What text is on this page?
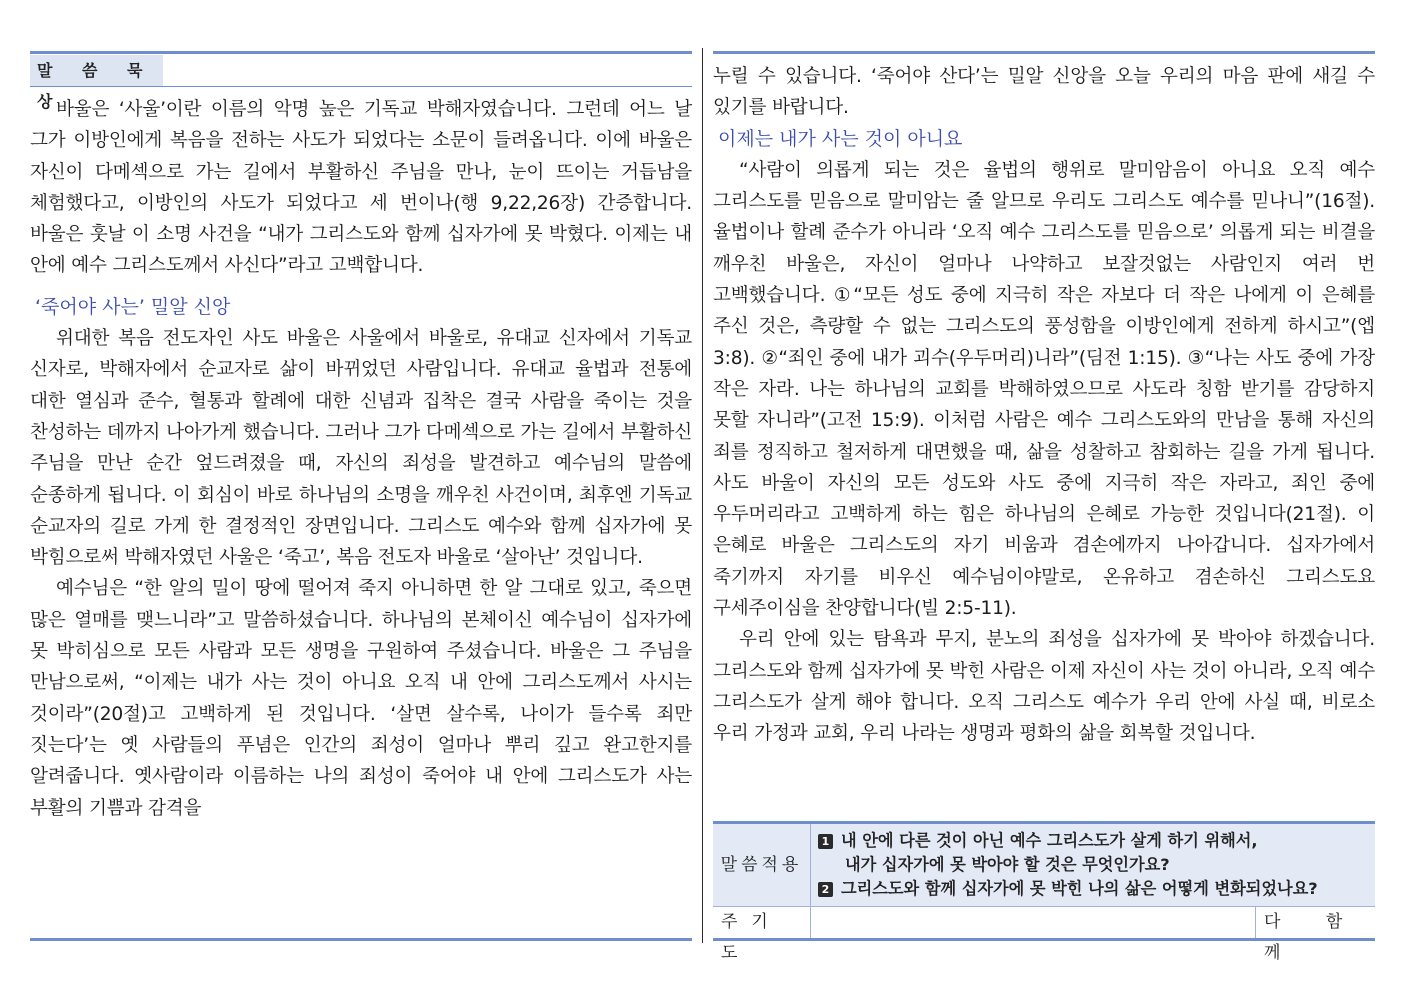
말 씀 묵 상

바울은 ‘사울’이란 이름의 악명 높은 기독교 박해자였습니다. 그런데 어느 날 그가 이방인에게 복음을 전하는 사도가 되었다는 소문이 들려옵니다. 이에 바울은 자신이 다메섹으로 가는 길에서 부활하신 주님을 만나, 눈이 뜨이는 거듭남을 체험했다고, 이방인의 사도가 되었다고 세 번이나(행 9,22,26장) 간증합니다. 바울은 훗날 이 소명 사건을 “내가 그리스도와 함께 십자가에 못 박혔다. 이제는 내 안에 예수 그리스도께서 사신다”라고 고백합니다.

‘죽어야 사는’ 밀알 신앙

위대한 복음 전도자인 사도 바울은 사울에서 바울로, 유대교 신자에서 기독교 신자로, 박해자에서 순교자로 삶이 바뀌었던 사람입니다. 유대교 율법과 전통에 대한 열심과 준수, 혈통과 할례에 대한 신념과 집착은 결국 사람을 죽이는 것을 찬성하는 데까지 나아가게 했습니다. 그러나 그가 다메섹으로 가는 길에서 부활하신 주님을 만난 순간 엎드려졌을 때, 자신의 죄성을 발견하고 예수님의 말씀에 순종하게 됩니다. 이 회심이 바로 하나님의 소명을 깨우친 사건이며, 최후엔 기독교 순교자의 길로 가게 한 결정적인 장면입니다. 그리스도 예수와 함께 십자가에 못 박힘으로써 박해자였던 사울은 ‘죽고’, 복음 전도자 바울로 ‘살아난’ 것입니다.

예수님은 “한 알의 밀이 땅에 떨어져 죽지 아니하면 한 알 그대로 있고, 죽으면 많은 열매를 맺느니라”고 말씀하셨습니다. 하나님의 본체이신 예수님이 십자가에 못 박히심으로 모든 사람과 모든 생명을 구원하여 주셨습니다. 바울은 그 주님을 만남으로써, “이제는 내가 사는 것이 아니요 오직 내 안에 그리스도께서 사시는 것이라”(20절)고 고백하게 된 것입니다. ‘살면 살수록, 나이가 들수록 죄만 짓는다’는 옛 사람들의 푸념은 인간의 죄성이 얼마나 뿌리 깊고 완고한지를 알려줍니다. 옛사람이라 이름하는 나의 죄성이 죽어야 내 안에 그리스도가 사는 부활의 기쁨과 감격을

누릴 수 있습니다. ‘죽어야 산다’는 밀알 신앙을 오늘 우리의 마음 판에 새길 수 있기를 바랍니다.

이제는 내가 사는 것이 아니요

“사람이 의롭게 되는 것은 율법의 행위로 말미암음이 아니요 오직 예수 그리스도를 믿음으로 말미암는 줄 알므로 우리도 그리스도 예수를 믿나니”(16절). 율법이나 할례 준수가 아니라 ‘오직 예수 그리스도를 믿음으로’ 의롭게 되는 비결을 깨우친 바울은, 자신이 얼마나 나약하고 보잘것없는 사람인지 여러 번 고백했습니다. ①“모든 성도 중에 지극히 작은 자보다 더 작은 나에게 이 은혜를 주신 것은, 측량할 수 없는 그리스도의 풍성함을 이방인에게 전하게 하시고”(엡 3:8). ②“죄인 중에 내가 괴수(우두머리)니라”(딤전 1:15). ③“나는 사도 중에 가장 작은 자라. 나는 하나님의 교회를 박해하였으므로 사도라 칭함 받기를 감당하지 못할 자니라”(고전 15:9). 이처럼 사람은 예수 그리스도와의 만남을 통해 자신의 죄를 정직하고 철저하게 대면했을 때, 삶을 성찰하고 참회하는 길을 가게 됩니다. 사도 바울이 자신의 모든 성도와 사도 중에 지극히 작은 자라고, 죄인 중에 우두머리라고 고백하게 하는 힘은 하나님의 은혜로 가능한 것입니다(21절). 이 은혜로 바울은 그리스도의 자기 비움과 겸손에까지 나아갑니다. 십자가에서 죽기까지 자기를 비우신 예수님이야말로, 온유하고 겸손하신 그리스도요 구세주이심을 찬양합니다(빌 2:5-11).

우리 안에 있는 탐욕과 무지, 분노의 죄성을 십자가에 못 박아야 하겠습니다. 그리스도와 함께 십자가에 못 박힌 사람은 이제 자신이 사는 것이 아니라, 오직 예수 그리스도가 살게 해야 합니다. 오직 그리스도 예수가 우리 안에 사실 때, 비로소 우리 가정과 교회, 우리 나라는 생명과 평화의 삶을 회복할 것입니다.

말씀적용

1 내 안에 다른 것이 아닌 예수 그리스도가 살게 하기 위해서,

내가 십자가에 못 박아야 할 것은 무엇인가요?

2 그리스도와 함께 십자가에 못 박힌 나의 삶은 어떻게 변화되었나요?

주기도
다 함 께
